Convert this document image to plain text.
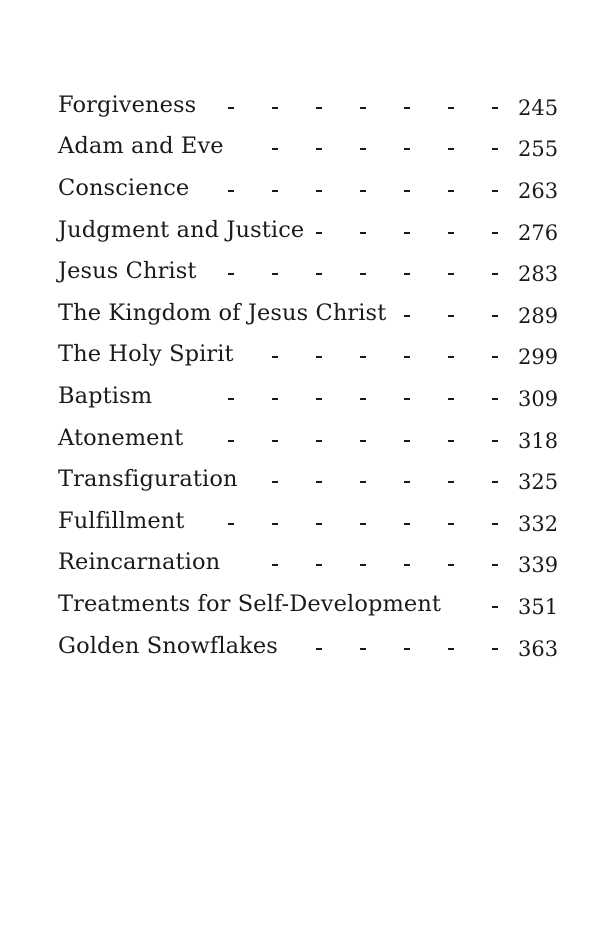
Forgiveness	245
Adam and Eve	255
Conscience	263
Judgment and Justice	276
Jesus Christ	283
The Kingdom of Jesus Christ	289
The Holy Spirit	299
Baptism	309
Atonement	318
Transfiguration	325
Fulfillment	332
Reincarnation	339
Treatments for Self-Development	351
Golden Snowflakes	363
